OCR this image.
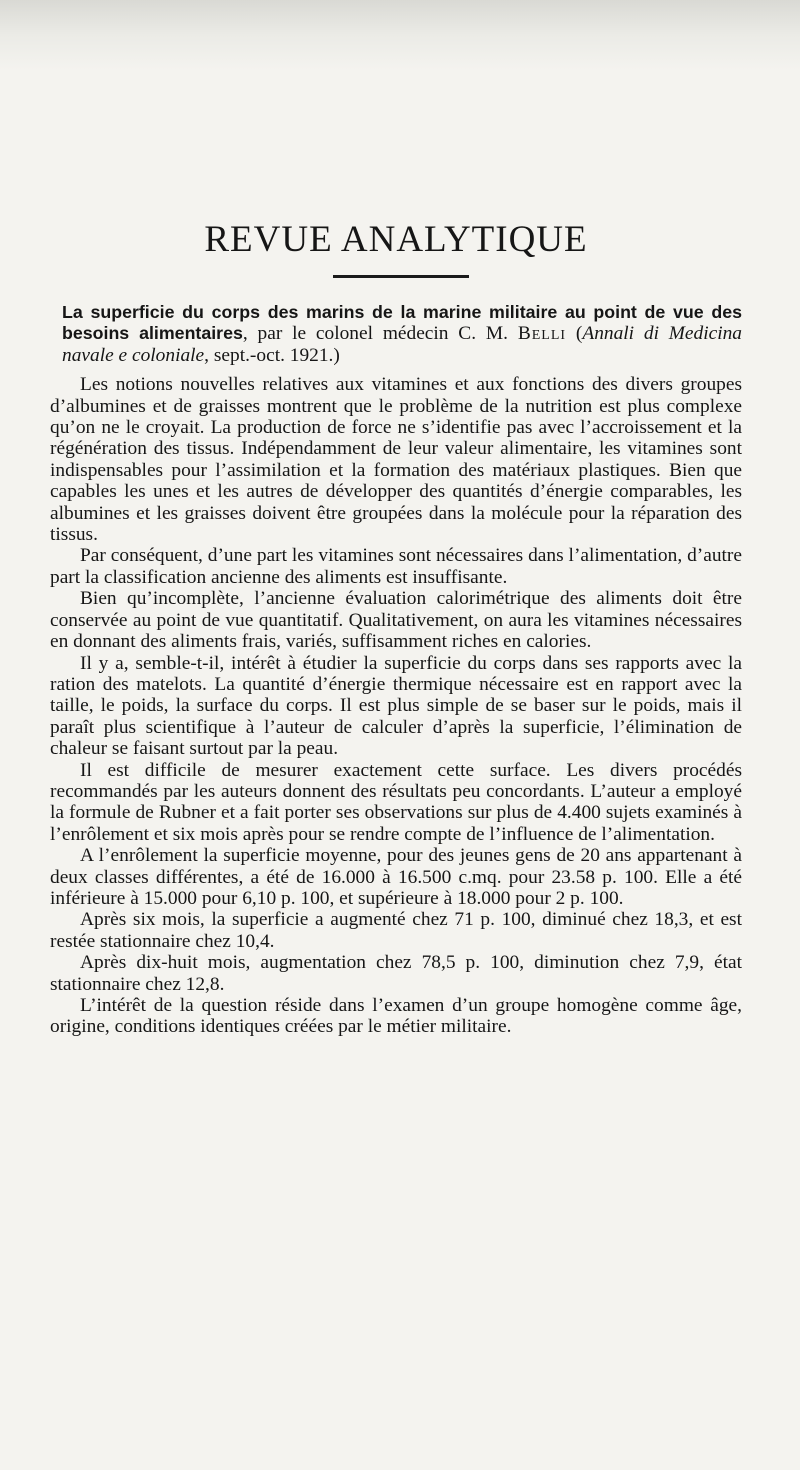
REVUE ANALYTIQUE

La superficie du corps des marins de la marine militaire au point de vue des besoins alimentaires, par le colonel médecin C. M. Belli (Annali di Medicina navale e coloniale, sept.-oct. 1921.)

Les notions nouvelles relatives aux vitamines et aux fonctions des divers groupes d’albumines et de graisses montrent que le problème de la nutrition est plus complexe qu’on ne le croyait. La production de force ne s’identifie pas avec l’accroissement et la régénération des tissus. Indépendamment de leur valeur alimentaire, les vitamines sont indispensables pour l’assimilation et la formation des matériaux plastiques. Bien que capables les unes et les autres de développer des quantités d’énergie comparables, les albumines et les graisses doivent être groupées dans la molécule pour la réparation des tissus.

Par conséquent, d’une part les vitamines sont nécessaires dans l’alimentation, d’autre part la classification ancienne des aliments est insuffisante.

Bien qu’incomplète, l’ancienne évaluation calorimétrique des aliments doit être conservée au point de vue quantitatif. Qualitativement, on aura les vitamines nécessaires en donnant des aliments frais, variés, suffisamment riches en calories.

Il y a, semble-t-il, intérêt à étudier la superficie du corps dans ses rapports avec la ration des matelots. La quantité d’énergie thermique nécessaire est en rapport avec la taille, le poids, la surface du corps. Il est plus simple de se baser sur le poids, mais il paraît plus scientifique à l’auteur de calculer d’après la superficie, l’élimination de chaleur se faisant surtout par la peau.

Il est difficile de mesurer exactement cette surface. Les divers procédés recommandés par les auteurs donnent des résultats peu concordants. L’auteur a employé la formule de Rubner et a fait porter ses observations sur plus de 4.400 sujets examinés à l’enrôlement et six mois après pour se rendre compte de l’influence de l’alimentation.

A l’enrôlement la superficie moyenne, pour des jeunes gens de 20 ans appartenant à deux classes différentes, a été de 16.000 à 16.500 c.mq. pour 23.58 p. 100. Elle a été inférieure à 15.000 pour 6,10 p. 100, et supérieure à 18.000 pour 2 p. 100.

Après six mois, la superficie a augmenté chez 71 p. 100, diminué chez 18,3, et est restée stationnaire chez 10,4.

Après dix-huit mois, augmentation chez 78,5 p. 100, diminution chez 7,9, état stationnaire chez 12,8.

L’intérêt de la question réside dans l’examen d’un groupe homogène comme âge, origine, conditions identiques créées par le métier militaire.
